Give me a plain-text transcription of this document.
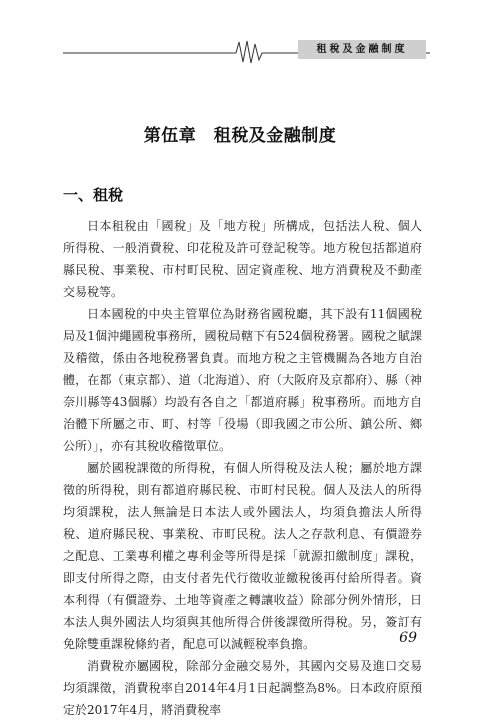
租稅及金融制度
第伍章　租稅及金融制度
一、租稅

日本租稅由「國稅」及「地方稅」所構成，包括法人稅、個人所得稅、一般消費稅、印花稅及許可登記稅等。地方稅包括都道府縣民稅、事業稅、市村町民稅、固定資產稅、地方消費稅及不動產交易稅等。

日本國稅的中央主管單位為財務省國稅廳，其下設有11個國稅局及1個沖繩國稅事務所，國稅局轄下有524個稅務署。國稅之賦課及稽徵，係由各地稅務署負責。而地方稅之主管機關為各地方自治體，在都（東京都）、道（北海道）、府（大阪府及京都府）、縣（神奈川縣等43個縣）均設有各自之「都道府縣」稅事務所。而地方自治體下所屬之市、町、村等「役場（即我國之市公所、鎮公所、鄉公所）」，亦有其稅收稽徵單位。

屬於國稅課徵的所得稅，有個人所得稅及法人稅；屬於地方課徵的所得稅，則有都道府縣民稅、市町村民稅。個人及法人的所得均須課稅，法人無論是日本法人或外國法人，均須負擔法人所得稅、道府縣民稅、事業稅、市町民稅。法人之存款利息、有價證券之配息、工業專利權之專利金等所得是採「就源扣繳制度」課稅，即支付所得之際，由支付者先代行徵收並繳稅後再付給所得者。資本利得（有價證券、土地等資產之轉讓收益）除部分例外情形，日本法人與外國法人均須與其他所得合併後課徵所得稅。另，簽訂有免除雙重課稅條約者，配息可以減輕稅率負擔。

消費稅亦屬國稅，除部分金融交易外，其國內交易及進口交易均須課徵，消費稅率自2014年4月1日起調整為8%。日本政府原預定於2017年4月，將消費稅率

69
